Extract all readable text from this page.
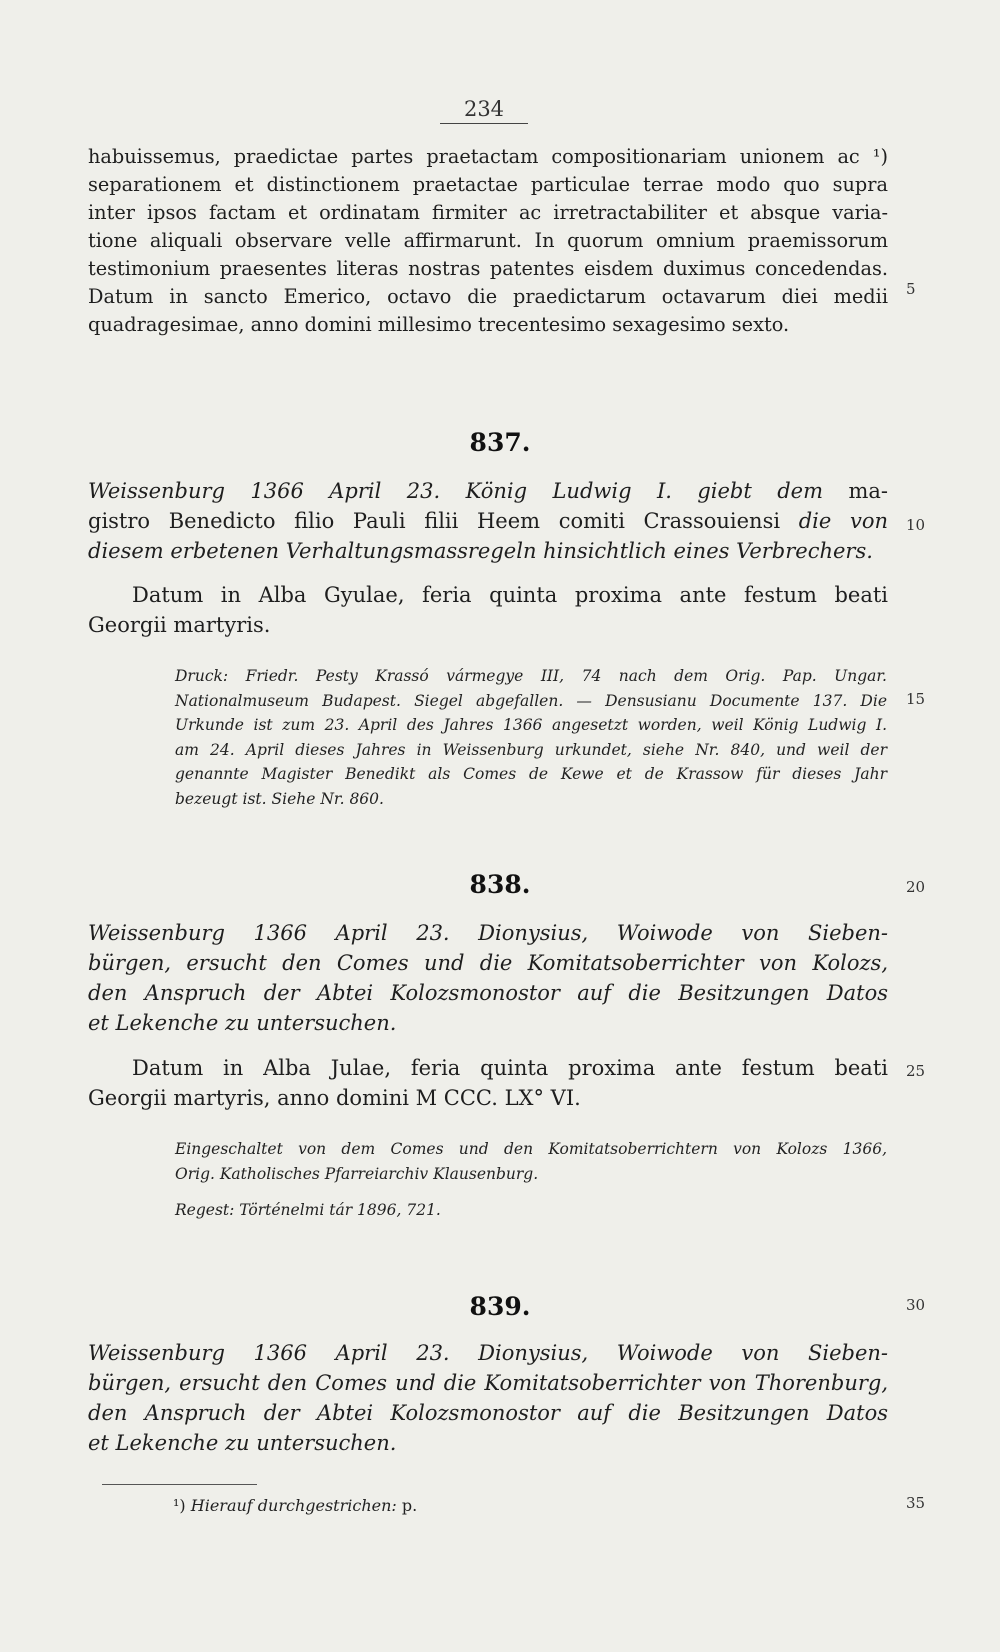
234
habuissemus, praedictae partes praetactam compositionariam unionem ac ¹)
separationem et distinctionem praetactae particulae terrae modo quo supra
inter ipsos factam et ordinatam firmiter ac irretractabiliter et absque varia-
tione aliquali observare velle affirmarunt. In quorum omnium praemissorum
testimonium praesentes literas nostras patentes eisdem duximus concedendas.
Datum in sancto Emerico, octavo die praedictarum octavarum diei medii
quadragesimae, anno domini millesimo trecentesimo sexagesimo sexto.
837.
Weissenburg 1366 April 23. König Ludwig I. giebt dem ma-
gistro Benedicto filio Pauli filii Heem comiti Crassouiensi die von
diesem erbetenen Verhaltungsmassregeln hinsichtlich eines Verbrechers.
Datum in Alba Gyulae, feria quinta proxima ante festum beati
Georgii martyris.
Druck: Friedr. Pesty Krassó vármegye III, 74 nach dem Orig. Pap. Ungar.
Nationalmuseum Budapest. Siegel abgefallen. — Densusianu Documente 137. Die
Urkunde ist zum 23. April des Jahres 1366 angesetzt worden, weil König Ludwig I.
am 24. April dieses Jahres in Weissenburg urkundet, siehe Nr. 840, und weil der
genannte Magister Benedikt als Comes de Kewe et de Krassow für dieses Jahr
bezeugt ist. Siehe Nr. 860.
838.
Weissenburg 1366 April 23. Dionysius, Woiwode von Sieben-
bürgen, ersucht den Comes und die Komitatsoberrichter von Kolozs,
den Anspruch der Abtei Kolozsmonostor auf die Besitzungen Datos
et Lekenche zu untersuchen.
Datum in Alba Julae, feria quinta proxima ante festum beati
Georgii martyris, anno domini M CCC. LX° VI.
Eingeschaltet von dem Comes und den Komitatsoberrichtern von Kolozs 1366,
Orig. Katholisches Pfarreiarchiv Klausenburg.
Regest: Történelmi tár 1896, 721.
839.
Weissenburg 1366 April 23. Dionysius, Woiwode von Sieben-
bürgen, ersucht den Comes und die Komitatsoberrichter von Thorenburg,
den Anspruch der Abtei Kolozsmonostor auf die Besitzungen Datos
et Lekenche zu untersuchen.
5
10
15
20
25
30
35
¹) Hierauf durchgestrichen: p.
